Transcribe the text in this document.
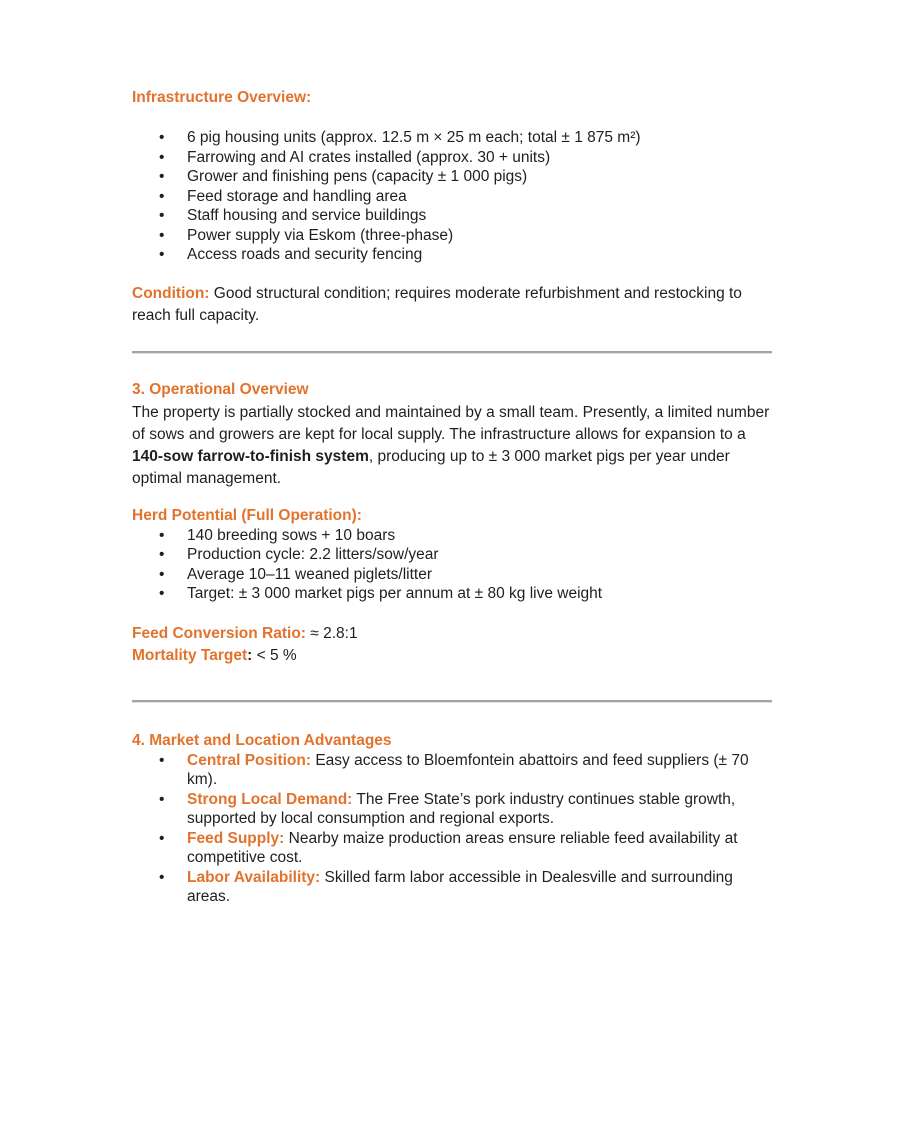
Infrastructure Overview:
•
6 pig housing units (approx. 12.5 m × 25 m each; total ± 1 875 m²)
•
Farrowing and AI crates installed (approx. 30 + units)
•
Grower and finishing pens (capacity ± 1 000 pigs)
•
Feed storage and handling area
•
Staff housing and service buildings
•
Power supply via Eskom (three-phase)
•
Access roads and security fencing

Condition: Good structural condition; requires moderate refurbishment and restocking to reach full capacity.

3. Operational Overview

The property is partially stocked and maintained by a small team. Presently, a limited number of sows and growers are kept for local supply. The infrastructure allows for expansion to a 140-sow farrow-to-finish system, producing up to ± 3 000 market pigs per year under optimal management.

Herd Potential (Full Operation):
•
140 breeding sows + 10 boars
•
Production cycle: 2.2 litters/sow/year
•
Average 10–11 weaned piglets/litter
•
Target: ± 3 000 market pigs per annum at ± 80 kg live weight

Feed Conversion Ratio: ≈ 2.8:1

Mortality Target: < 5 %

4. Market and Location Advantages
•
Central Position: Easy access to Bloemfontein abattoirs and feed suppliers (± 70 km).
•
Strong Local Demand: The Free State’s pork industry continues stable growth, supported by local consumption and regional exports.
•
Feed Supply: Nearby maize production areas ensure reliable feed availability at competitive cost.
•
Labor Availability: Skilled farm labor accessible in Dealesville and surrounding areas.
